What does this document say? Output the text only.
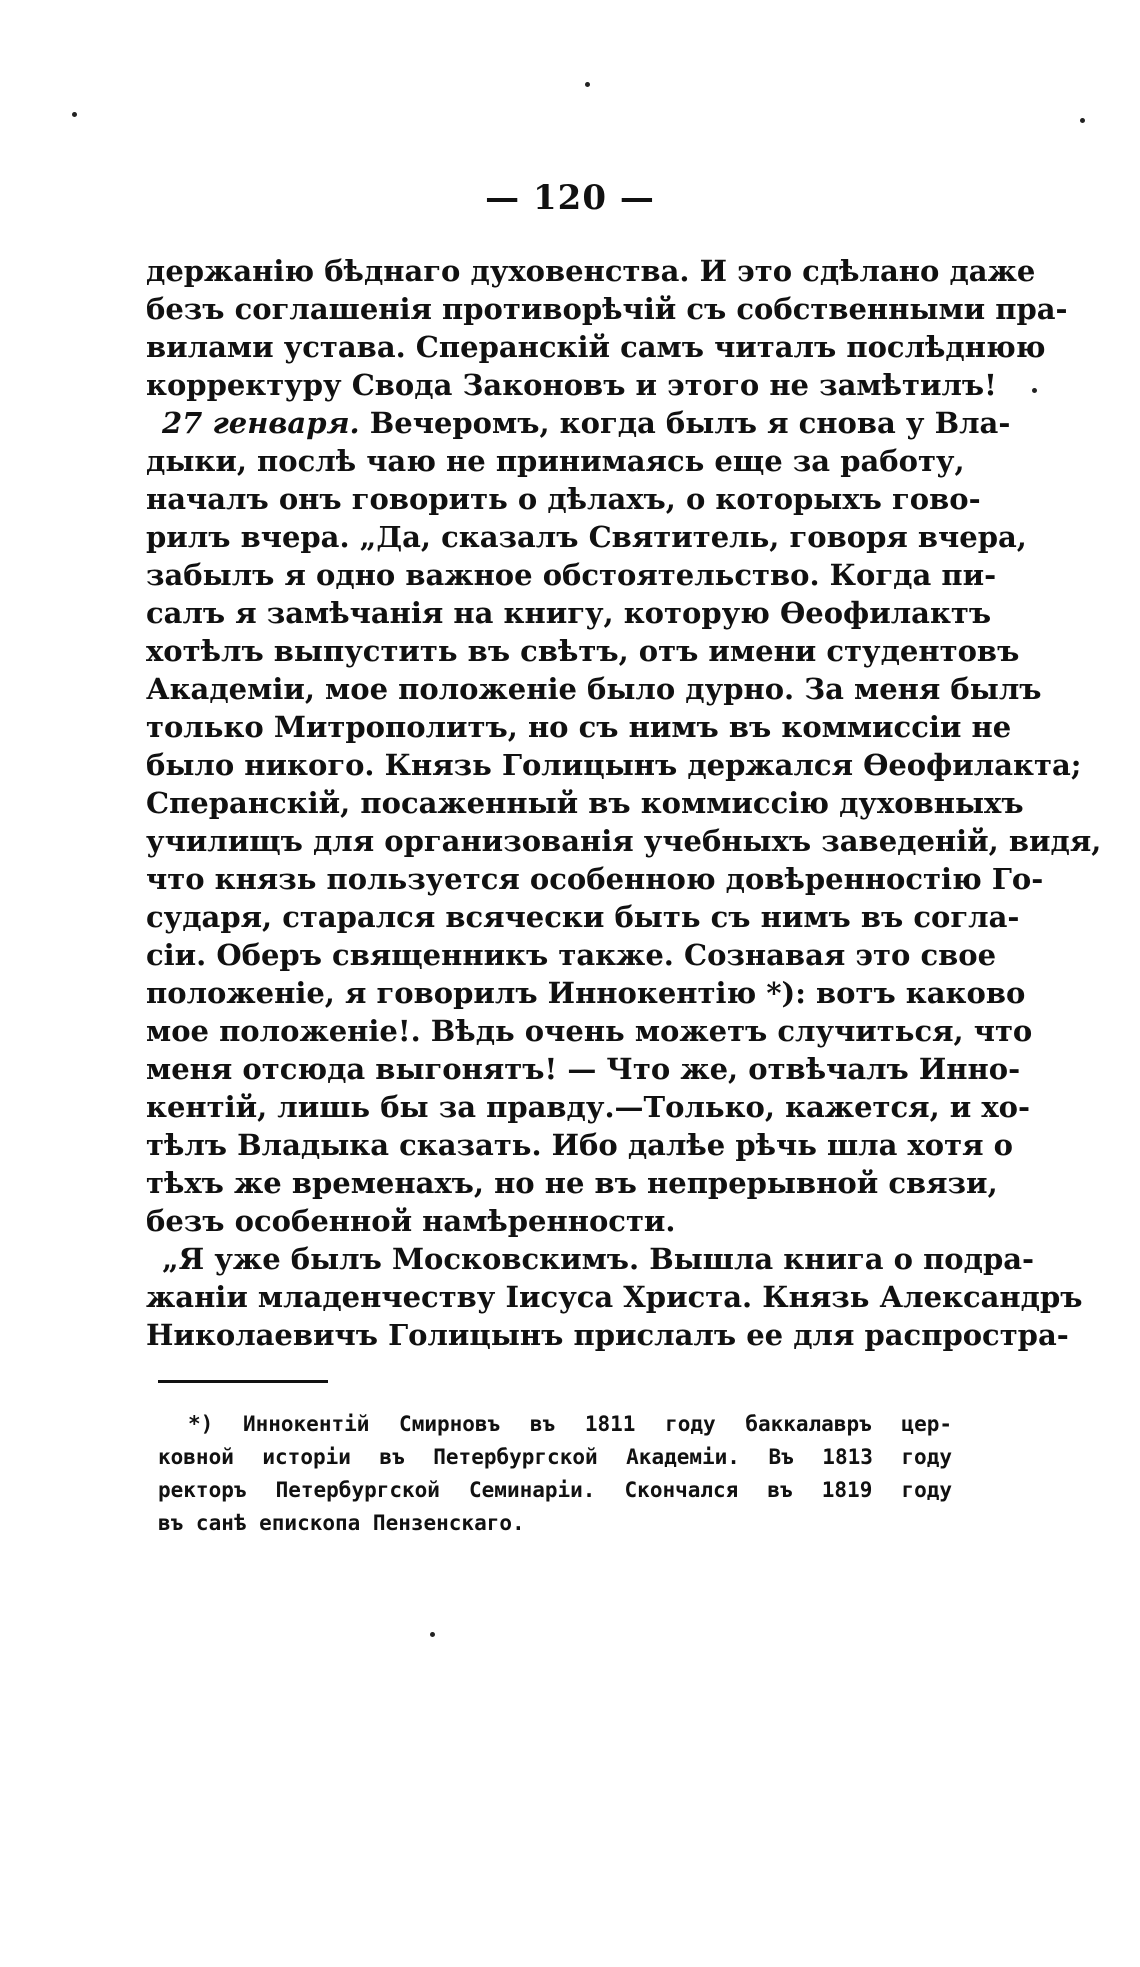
— 120 —
держанію бѣднаго духовенства. И это сдѣлано даже
безъ соглашенія противорѣчій съ собственными пра-
вилами устава. Сперанскій самъ читалъ послѣднюю
корректуру Свода Законовъ и этого не замѣтилъ!
27 генваря. Вечеромъ, когда былъ я снова у Вла-
дыки, послѣ чаю не принимаясь еще за работу,
началъ онъ говорить о дѣлахъ, о которыхъ гово-
рилъ вчера. „Да, сказалъ Святитель, говоря вчера,
забылъ я одно важное обстоятельство. Когда пи-
салъ я замѣчанія на книгу, которую Ѳеофилактъ
хотѣлъ выпустить въ свѣтъ, отъ имени студентовъ
Академіи, мое положеніе было дурно. За меня былъ
только Митрополитъ, но съ нимъ въ коммиссіи не
было никого. Князь Голицынъ держался Ѳеофилакта;
Сперанскій, посаженный въ коммиссію духовныхъ
училищъ для организованія учебныхъ заведеній, видя,
что князь пользуется особенною довѣренностію Го-
сударя, старался всячески быть съ нимъ въ согла-
сіи. Оберъ священникъ также. Сознавая это свое
положеніе, я говорилъ Иннокентію *): вотъ каково
мое положеніе!. Вѣдь очень можетъ случиться, что
меня отсюда выгонятъ! — Что же, отвѣчалъ Инно-
кентій, лишь бы за правду.—Только, кажется, и хо-
тѣлъ Владыка сказать. Ибо далѣе рѣчь шла хотя о
тѣхъ же временахъ, но не въ непрерывной связи,
безъ особенной намѣренности.
„Я уже былъ Московскимъ. Вышла книга о подра-
жаніи младенчеству Іисуса Христа. Князь Александръ
Николаевичъ Голицынъ прислалъ ее для распростра-
*) Иннокентій Смирновъ въ 1811 году баккалавръ цер-
ковной исторіи въ Петербургской Академіи. Въ 1813 году
ректоръ Петербургской Семинаріи. Скончался въ 1819 году
въ санѣ епископа Пензенскаго.
